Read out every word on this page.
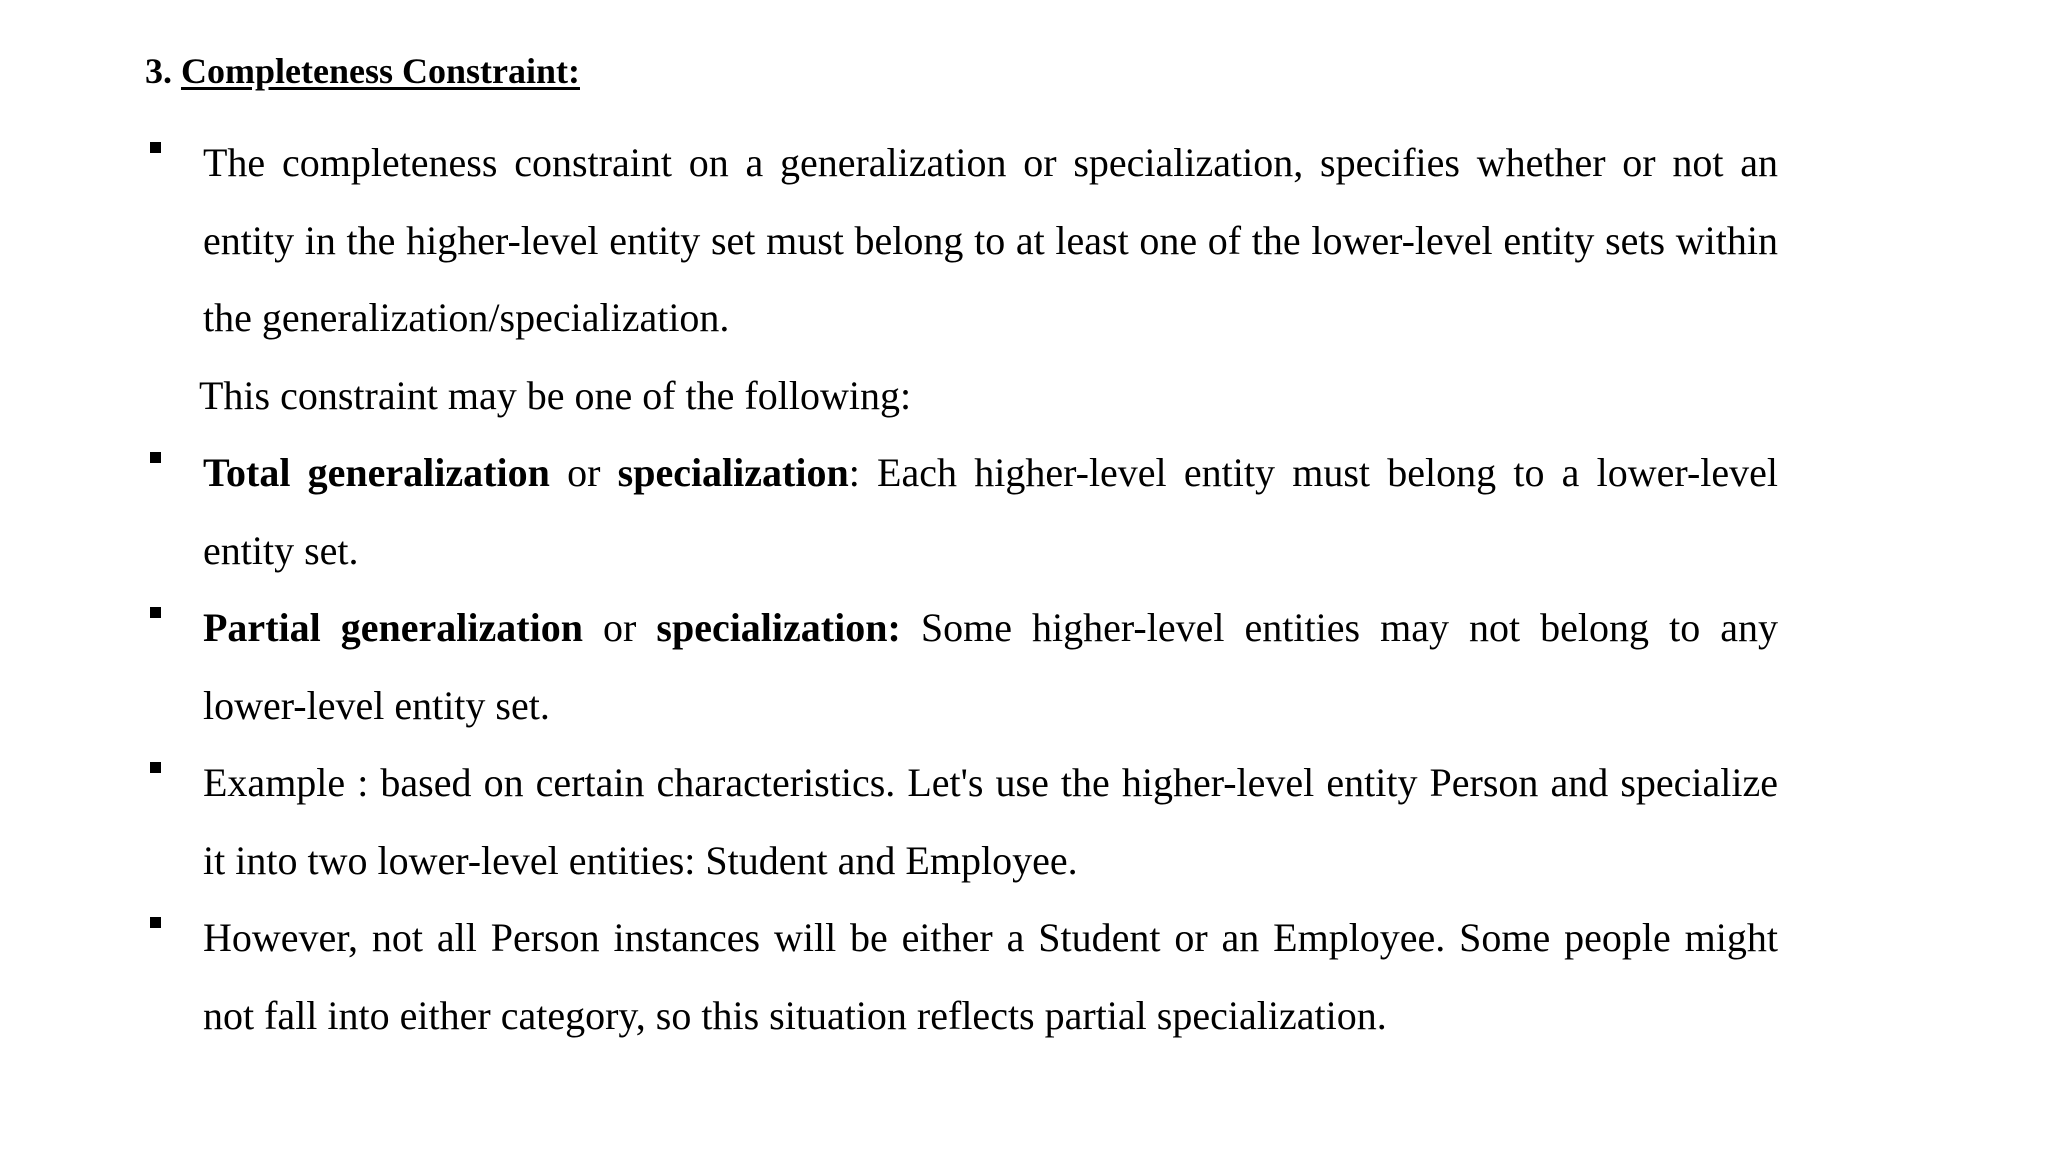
3. Completeness Constraint:

The completeness constraint on a generalization or specialization, specifies whether or not an entity in the higher-level entity set must belong to at least one of the lower-level entity sets within the generalization/specialization.

This constraint may be one of the following:

Total generalization or specialization: Each higher-level entity must belong to a lower-level entity set.

Partial generalization or specialization: Some higher-level entities may not belong to any lower-level entity set.

Example : based on certain characteristics. Let's use the higher-level entity Person and specialize it into two lower-level entities: Student and Employee.

However, not all Person instances will be either a Student or an Employee. Some people might not fall into either category, so this situation reflects partial specialization.
